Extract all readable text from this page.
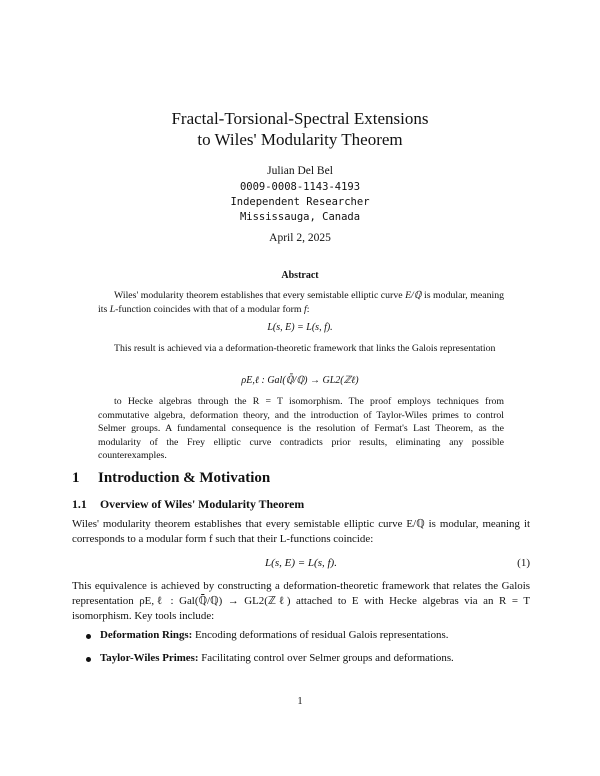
Fractal-Torsional-Spectral Extensions
to Wiles' Modularity Theorem
Julian Del Bel
0009-0008-1143-4193
Independent Researcher
Mississauga, Canada
April 2, 2025
Abstract
Wiles' modularity theorem establishes that every semistable elliptic curve E/ℚ is modular, meaning its L-function coincides with that of a modular form f:
L(s, E) = L(s, f).
This result is achieved via a deformation-theoretic framework that links the Galois representation
ρE,ℓ : Gal(ℚ̄/ℚ) → GL2(ℤℓ)
to Hecke algebras through the R = T isomorphism. The proof employs techniques from commutative algebra, deformation theory, and the introduction of Taylor-Wiles primes to control Selmer groups. A fundamental consequence is the resolution of Fermat's Last Theorem, as the modularity of the Frey elliptic curve contradicts prior results, eliminating any possible counterexamples.
1 Introduction & Motivation
1.1 Overview of Wiles' Modularity Theorem
Wiles' modularity theorem establishes that every semistable elliptic curve E/ℚ is modular, meaning it corresponds to a modular form f such that their L-functions coincide:
L(s, E) = L(s, f).	(1)
This equivalence is achieved by constructing a deformation-theoretic framework that relates the Galois representation ρE,ℓ : Gal(ℚ̄/ℚ) → GL2(ℤℓ) attached to E with Hecke algebras via an R = T isomorphism. Key tools include:
Deformation Rings: Encoding deformations of residual Galois representations.
Taylor-Wiles Primes: Facilitating control over Selmer groups and deformations.
1
